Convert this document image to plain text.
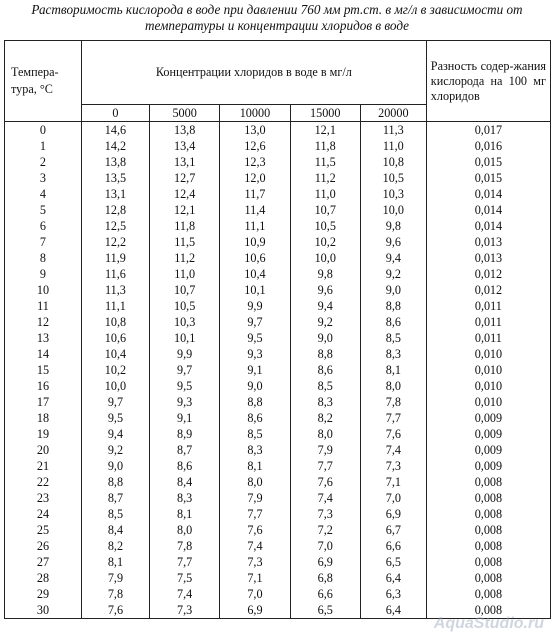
Растворимость кислорода в воде при давлении 760 мм рт.ст. в мг/л в зависимости от температуры и концентрации хлоридов в воде
Темпера-тура, °С	Концентрации хлоридов в воде в мг/л					Разность содер-жания кислорода на 100 мг хлоридов
	0	5000	10000	15000	20000	
0	14,6	13,8	13,0	12,1	11,3	0,017
1	14,2	13,4	12,6	11,8	11,0	0,016
2	13,8	13,1	12,3	11,5	10,8	0,015
3	13,5	12,7	12,0	11,2	10,5	0,015
4	13,1	12,4	11,7	11,0	10,3	0,014
5	12,8	12,1	11,4	10,7	10,0	0,014
6	12,5	11,8	11,1	10,5	9,8	0,014
7	12,2	11,5	10,9	10,2	9,6	0,013
8	11,9	11,2	10,6	10,0	9,4	0,013
9	11,6	11,0	10,4	9,8	9,2	0,012
10	11,3	10,7	10,1	9,6	9,0	0,012
11	11,1	10,5	9,9	9,4	8,8	0,011
12	10,8	10,3	9,7	9,2	8,6	0,011
13	10,6	10,1	9,5	9,0	8,5	0,011
14	10,4	9,9	9,3	8,8	8,3	0,010
15	10,2	9,7	9,1	8,6	8,1	0,010
16	10,0	9,5	9,0	8,5	8,0	0,010
17	9,7	9,3	8,8	8,3	7,8	0,010
18	9,5	9,1	8,6	8,2	7,7	0,009
19	9,4	8,9	8,5	8,0	7,6	0,009
20	9,2	8,7	8,3	7,9	7,4	0,009
21	9,0	8,6	8,1	7,7	7,3	0,009
22	8,8	8,4	8,0	7,6	7,1	0,008
23	8,7	8,3	7,9	7,4	7,0	0,008
24	8,5	8,1	7,7	7,3	6,9	0,008
25	8,4	8,0	7,6	7,2	6,7	0,008
26	8,2	7,8	7,4	7,0	6,6	0,008
27	8,1	7,7	7,3	6,9	6,5	0,008
28	7,9	7,5	7,1	6,8	6,4	0,008
29	7,8	7,4	7,0	6,6	6,3	0,008
30	7,6	7,3	6,9	6,5	6,4	0,008
AquaStudio.ru
